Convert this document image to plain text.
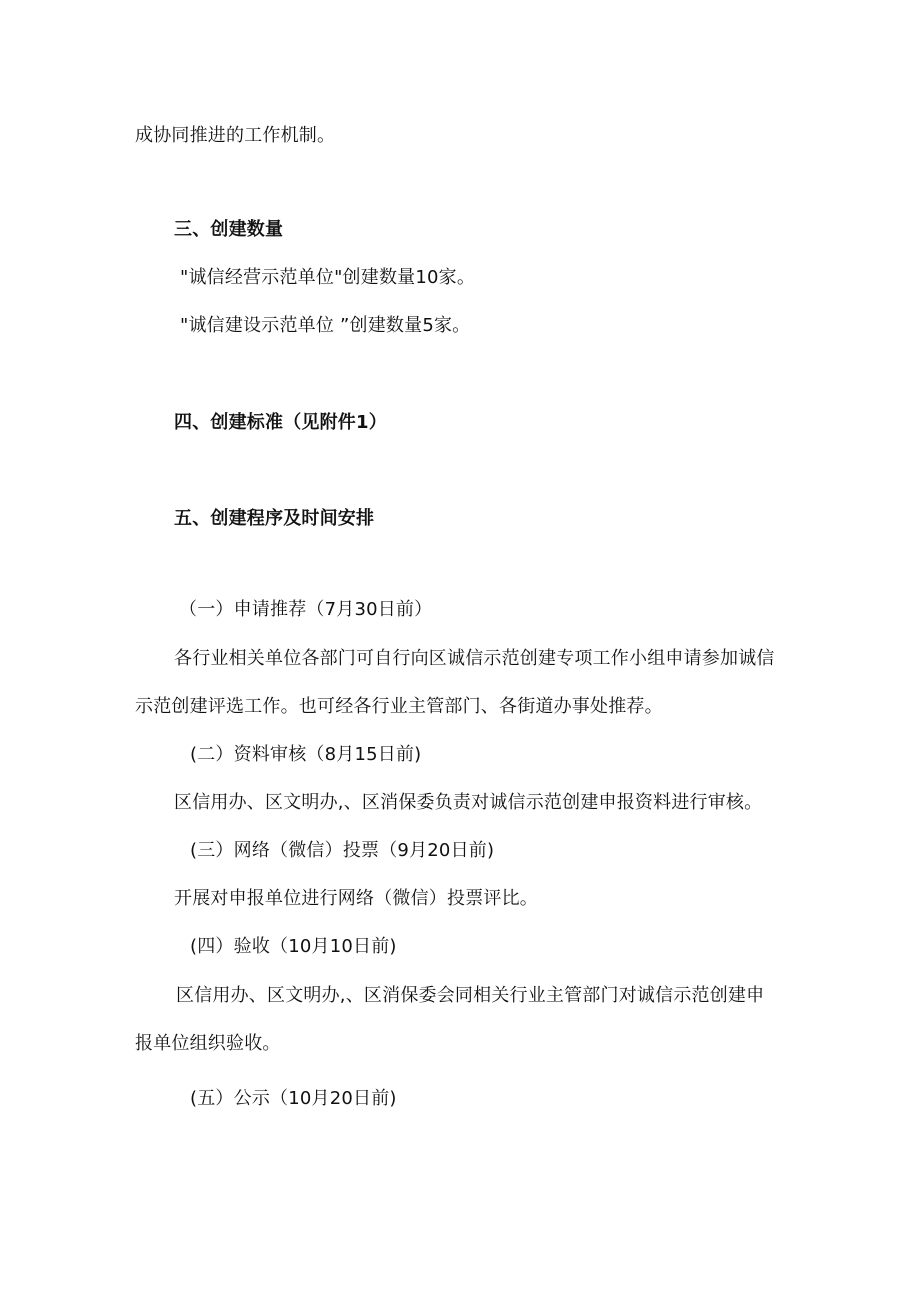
成协同推进的工作机制。
三、创建数量
"诚信经营示范单位"创建数量10家。
"诚信建设示范单位 ”创建数量5家。
四、创建标准（见附件1）
五、创建程序及时间安排
（一）申请推荐（7月30日前）
各行业相关单位各部门可自行向区诚信示范创建专项工作小组申请参加诚信
示范创建评选工作。也可经各行业主管部门、各街道办事处推荐。
(二）资料审核（8月15日前)
区信用办、区文明办,、区消保委负责对诚信示范创建申报资料进行审核。
(三）网络（微信）投票（9月20日前)
开展对申报单位进行网络（微信）投票评比。
(四）验收（10月10日前)
区信用办、区文明办,、区消保委会同相关行业主管部门对诚信示范创建申
报单位组织验收。
(五）公示（10月20日前)
